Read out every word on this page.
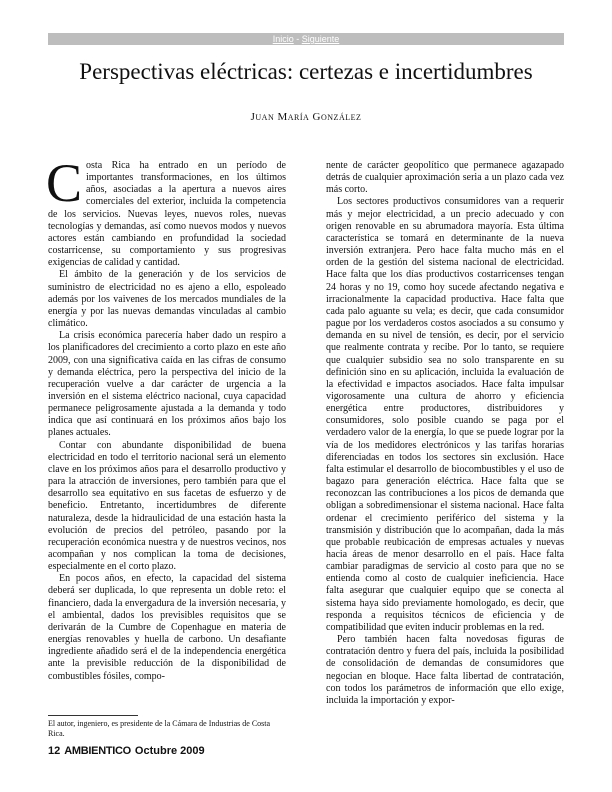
Inicio - Siguiente
Perspectivas eléctricas: certezas e incertidumbres
Juan María González

Costa Rica ha entrado en un período de importantes transformaciones, en los últimos años, asociadas a la apertura a nuevos aires comerciales del exterior, incluida la competencia de los servicios. Nuevas leyes, nuevos roles, nuevas tecnologías y demandas, así como nuevos modos y nuevos actores están cambiando en profundidad la sociedad costarricense, su comportamiento y sus progresivas exigencias de calidad y cantidad.

El ámbito de la generación y de los servicios de suministro de electricidad no es ajeno a ello, espoleado además por los vaivenes de los mercados mundiales de la energía y por las nuevas demandas vinculadas al cambio climático.

La crisis económica parecería haber dado un respiro a los planificadores del crecimiento a corto plazo en este año 2009, con una significativa caída en las cifras de consumo y demanda eléctrica, pero la perspectiva del inicio de la recuperación vuelve a dar carácter de urgencia a la inversión en el sistema eléctrico nacional, cuya capacidad permanece peligrosamente ajustada a la demanda y todo indica que así continuará en los próximos años bajo los planes actuales.

Contar con abundante disponibilidad de buena electricidad en todo el territorio nacional será un elemento clave en los próximos años para el desarrollo productivo y para la atracción de inversiones, pero también para que el desarrollo sea equitativo en sus facetas de esfuerzo y de beneficio. Entretanto, incertidumbres de diferente naturaleza, desde la hidraulicidad de una estación hasta la evolución de precios del petróleo, pasando por la recuperación económica nuestra y de nuestros vecinos, nos acompañan y nos complican la toma de decisiones, especialmente en el corto plazo.

En pocos años, en efecto, la capacidad del sistema deberá ser duplicada, lo que representa un doble reto: el financiero, dada la envergadura de la inversión necesaria, y el ambiental, dados los previsibles requisitos que se derivarán de la Cumbre de Copenhague en materia de energías renovables y huella de carbono. Un desafiante ingrediente añadido será el de la independencia energética ante la previsible reducción de la disponibilidad de combustibles fósiles, compo-

nente de carácter geopolítico que permanece agazapado detrás de cualquier aproximación seria a un plazo cada vez más corto.

Los sectores productivos consumidores van a requerir más y mejor electricidad, a un precio adecuado y con origen renovable en su abrumadora mayoría. Esta última característica se tomará en determinante de la nueva inversión extranjera. Pero hace falta mucho más en el orden de la gestión del sistema nacional de electricidad. Hace falta que los días productivos costarricenses tengan 24 horas y no 19, como hoy sucede afectando negativa e irracionalmente la capacidad productiva. Hace falta que cada palo aguante su vela; es decir, que cada consumidor pague por los verdaderos costos asociados a su consumo y demanda en su nivel de tensión, es decir, por el servicio que realmente contrata y recibe. Por lo tanto, se requiere que cualquier subsidio sea no solo transparente en su definición sino en su aplicación, incluida la evaluación de la efectividad e impactos asociados. Hace falta impulsar vigorosamente una cultura de ahorro y eficiencia energética entre productores, distribuidores y consumidores, solo posible cuando se paga por el verdadero valor de la energía, lo que se puede lograr por la vía de los medidores electrónicos y las tarifas horarias diferenciadas en todos los sectores sin exclusión. Hace falta estimular el desarrollo de biocombustibles y el uso de bagazo para generación eléctrica. Hace falta que se reconozcan las contribuciones a los picos de demanda que obligan a sobredimensionar el sistema nacional. Hace falta ordenar el crecimiento periférico del sistema y la transmisión y distribución que lo acompañan, dada la más que probable reubicación de empresas actuales y nuevas hacia áreas de menor desarrollo en el país. Hace falta cambiar paradigmas de servicio al costo para que no se entienda como al costo de cualquier ineficiencia. Hace falta asegurar que cualquier equipo que se conecta al sistema haya sido previamente homologado, es decir, que responda a requisitos técnicos de eficiencia y de compatibilidad que eviten inducir problemas en la red.

Pero también hacen falta novedosas figuras de contratación dentro y fuera del país, incluida la posibilidad de consolidación de demandas de consumidores que negocian en bloque. Hace falta libertad de contratación, con todos los parámetros de información que ello exige, incluida la importación y expor-

El autor, ingeniero, es presidente de la Cámara de Industrias de Costa Rica.
12 AMBIENTICO Octubre 2009
